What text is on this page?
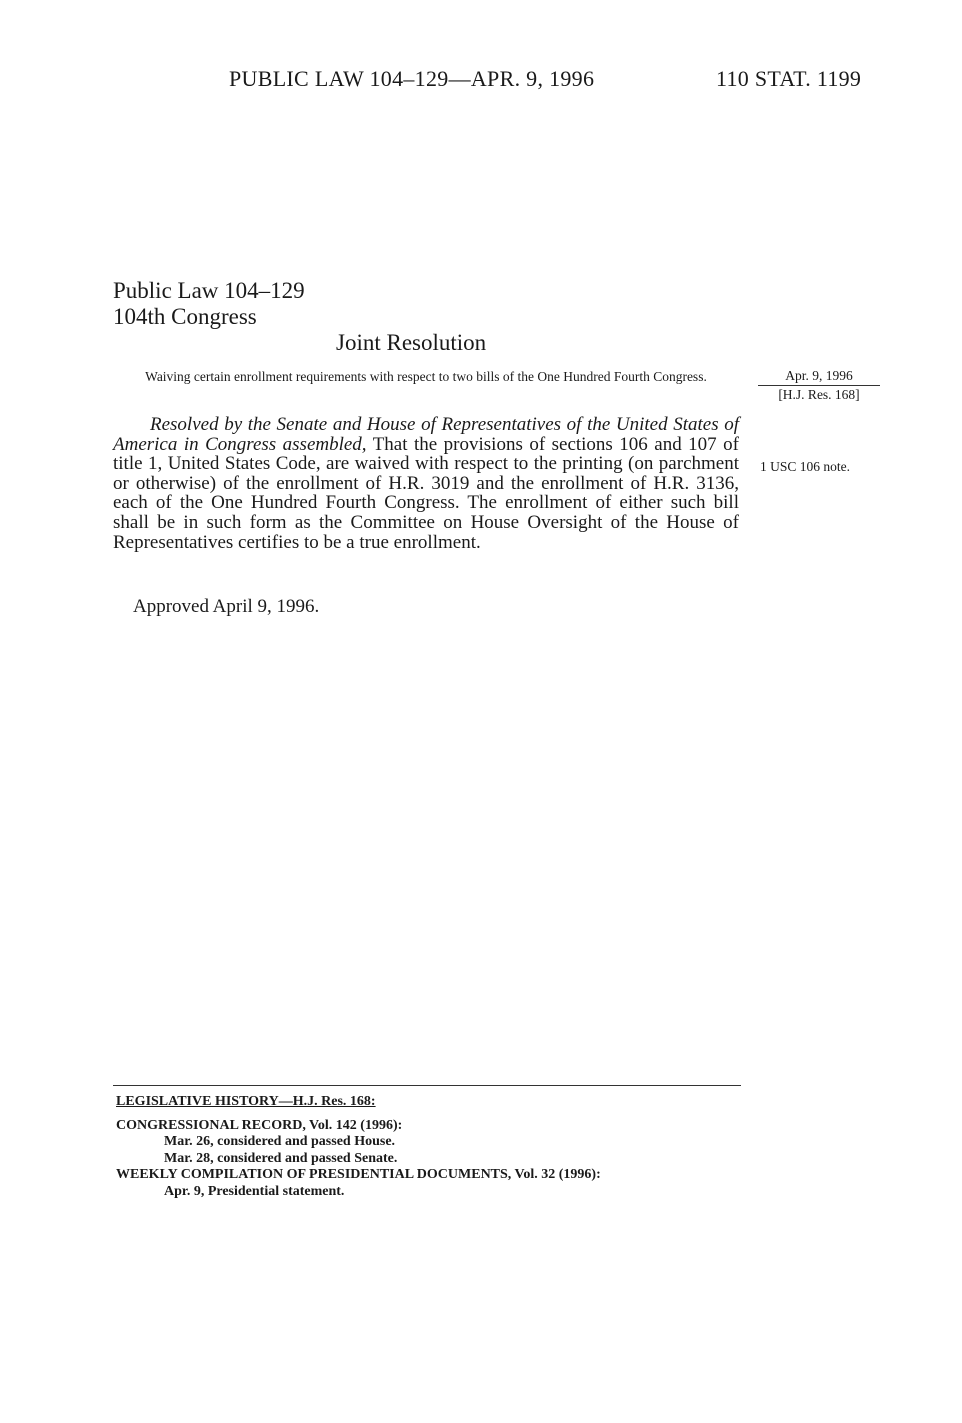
PUBLIC LAW 104–129—APR. 9, 1996	110 STAT. 1199
Public Law 104–129
104th Congress
Joint Resolution
Waiving certain enrollment requirements with respect to two bills of the One Hundred Fourth Congress.	Apr. 9, 1996
[H.J. Res. 168]
1 USC 106 note.

Resolved by the Senate and House of Representatives of the United States of America in Congress assembled, That the provisions of sections 106 and 107 of title 1, United States Code, are waived with respect to the printing (on parchment or otherwise) of the enrollment of H.R. 3019 and the enrollment of H.R. 3136, each of the One Hundred Fourth Congress. The enrollment of either such bill shall be in such form as the Committee on House Oversight of the House of Representatives certifies to be a true enrollment.

Approved April 9, 1996.
LEGISLATIVE HISTORY—H.J. Res. 168:
CONGRESSIONAL RECORD, Vol. 142 (1996):
Mar. 26, considered and passed House.
Mar. 28, considered and passed Senate.
WEEKLY COMPILATION OF PRESIDENTIAL DOCUMENTS, Vol. 32 (1996):
Apr. 9, Presidential statement.
